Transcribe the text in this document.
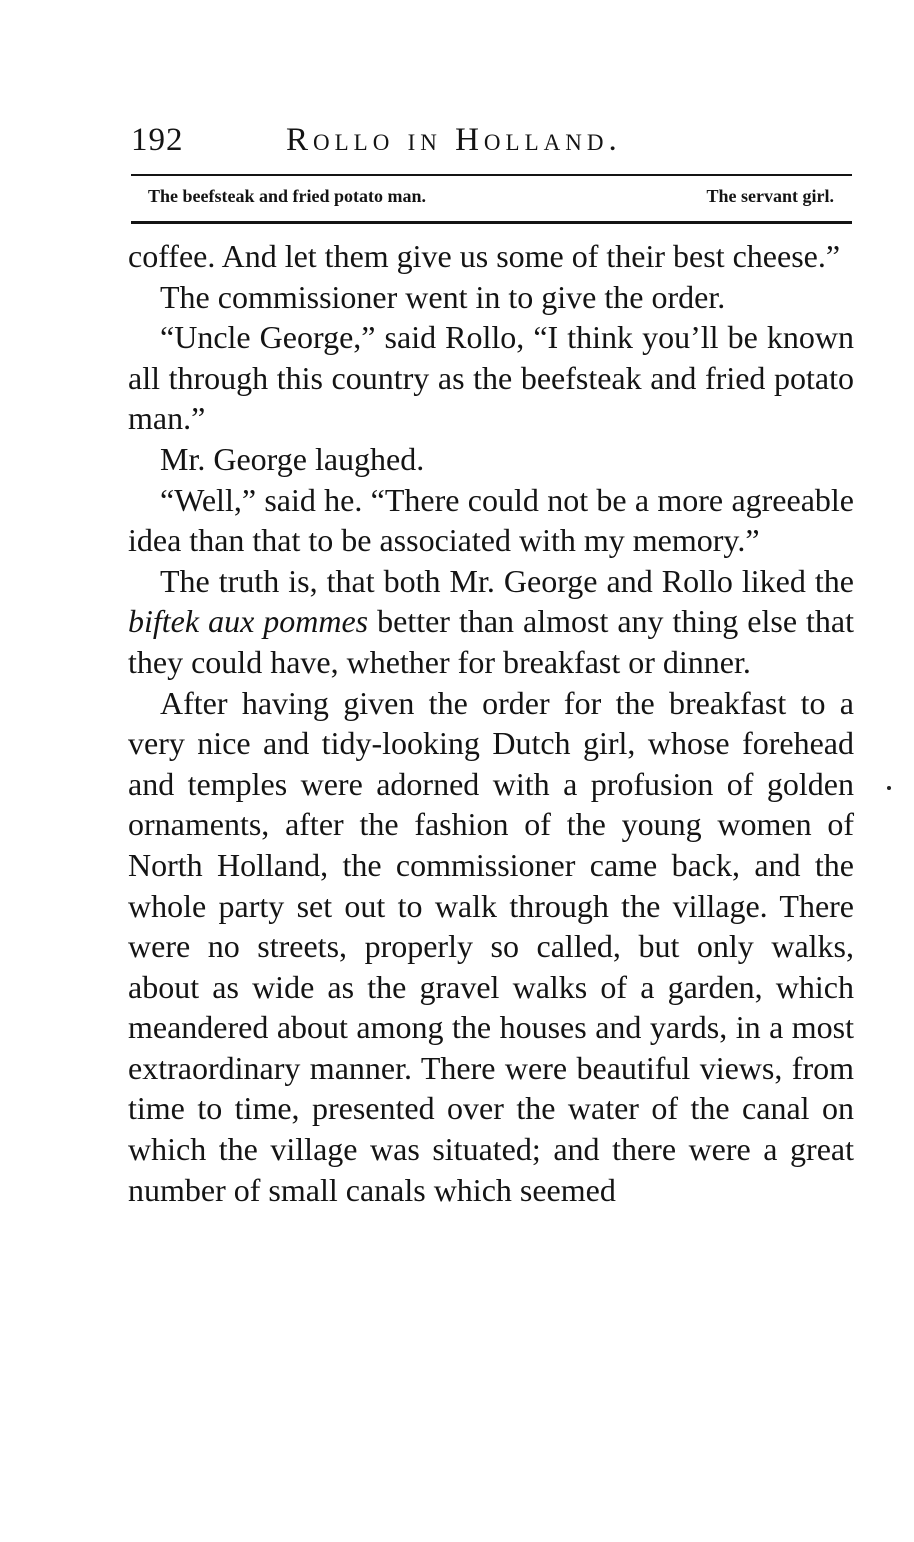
192	Rollo in Holland.
The beefsteak and fried potato man.	The servant girl.

coffee. And let them give us some of their best cheese.”

The commissioner went in to give the order.

“Uncle George,” said Rollo, “I think you’ll be known all through this country as the beefsteak and fried potato man.”

Mr. George laughed.

“Well,” said he. “There could not be a more agreeable idea than that to be associated with my memory.”

The truth is, that both Mr. George and Rollo liked the biftek aux pommes better than almost any thing else that they could have, whether for breakfast or dinner.

After having given the order for the breakfast to a very nice and tidy-looking Dutch girl, whose forehead and temples were adorned with a profusion of golden ornaments, after the fashion of the young women of North Holland, the commissioner came back, and the whole party set out to walk through the village. There were no streets, properly so called, but only walks, about as wide as the gravel walks of a garden, which meandered about among the houses and yards, in a most extraordinary manner. There were beautiful views, from time to time, presented over the water of the canal on which the village was situated; and there were a great number of small canals which seemed
